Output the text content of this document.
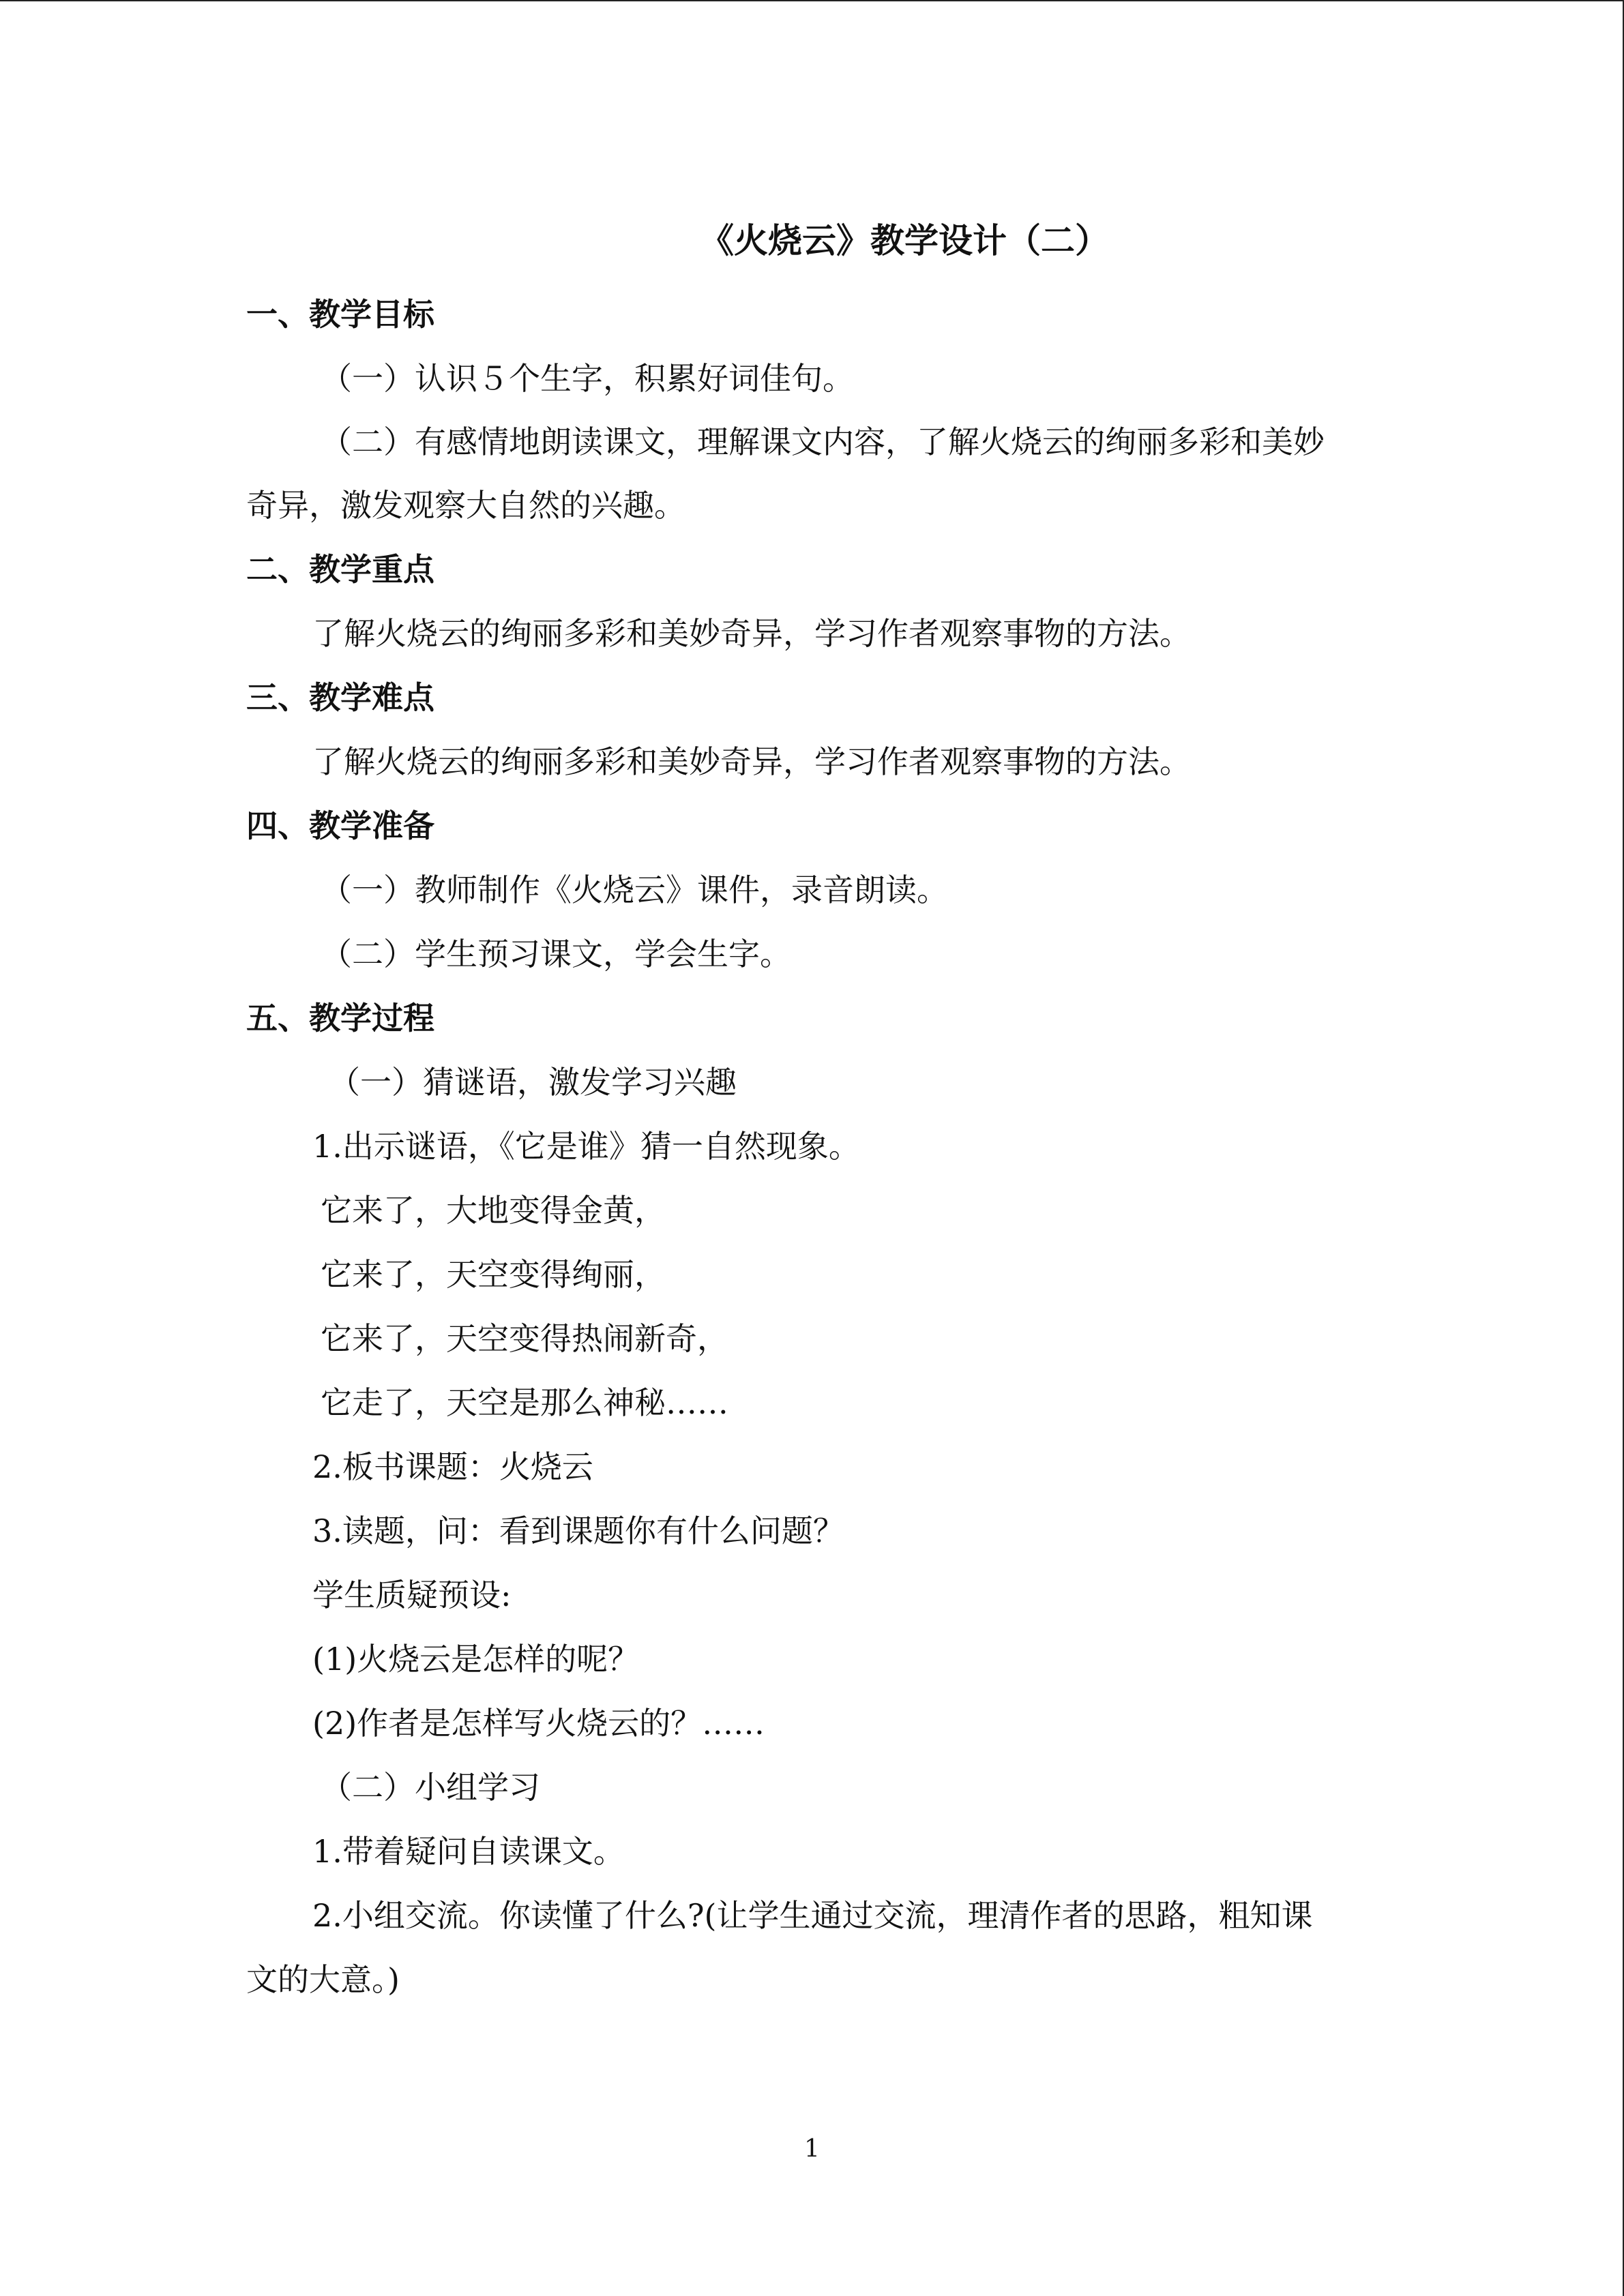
《火烧云》教学设计（二）
一、教学目标
（一）认识５个生字，积累好词佳句。
（二）有感情地朗读课文，理解课文内容，了解火烧云的绚丽多彩和美妙
奇异，激发观察大自然的兴趣。
二、教学重点
了解火烧云的绚丽多彩和美妙奇异，学习作者观察事物的方法。
三、教学难点
了解火烧云的绚丽多彩和美妙奇异，学习作者观察事物的方法。
四、教学准备
（一）教师制作《火烧云》课件，录音朗读。
（二）学生预习课文，学会生字。
五、教学过程
（一）猜谜语，激发学习兴趣
1.出示谜语，《它是谁》猜一自然现象。
它来了，大地变得金黄，
它来了，天空变得绚丽，
它来了，天空变得热闹新奇，
它走了，天空是那么神秘……
2.板书课题：火烧云
3.读题，问：看到课题你有什么问题？
学生质疑预设:
(1)火烧云是怎样的呢？
(2)作者是怎样写火烧云的？……
（二）小组学习
1.带着疑问自读课文。
2.小组交流。你读懂了什么?(让学生通过交流，理清作者的思路，粗知课
文的大意。)
1
